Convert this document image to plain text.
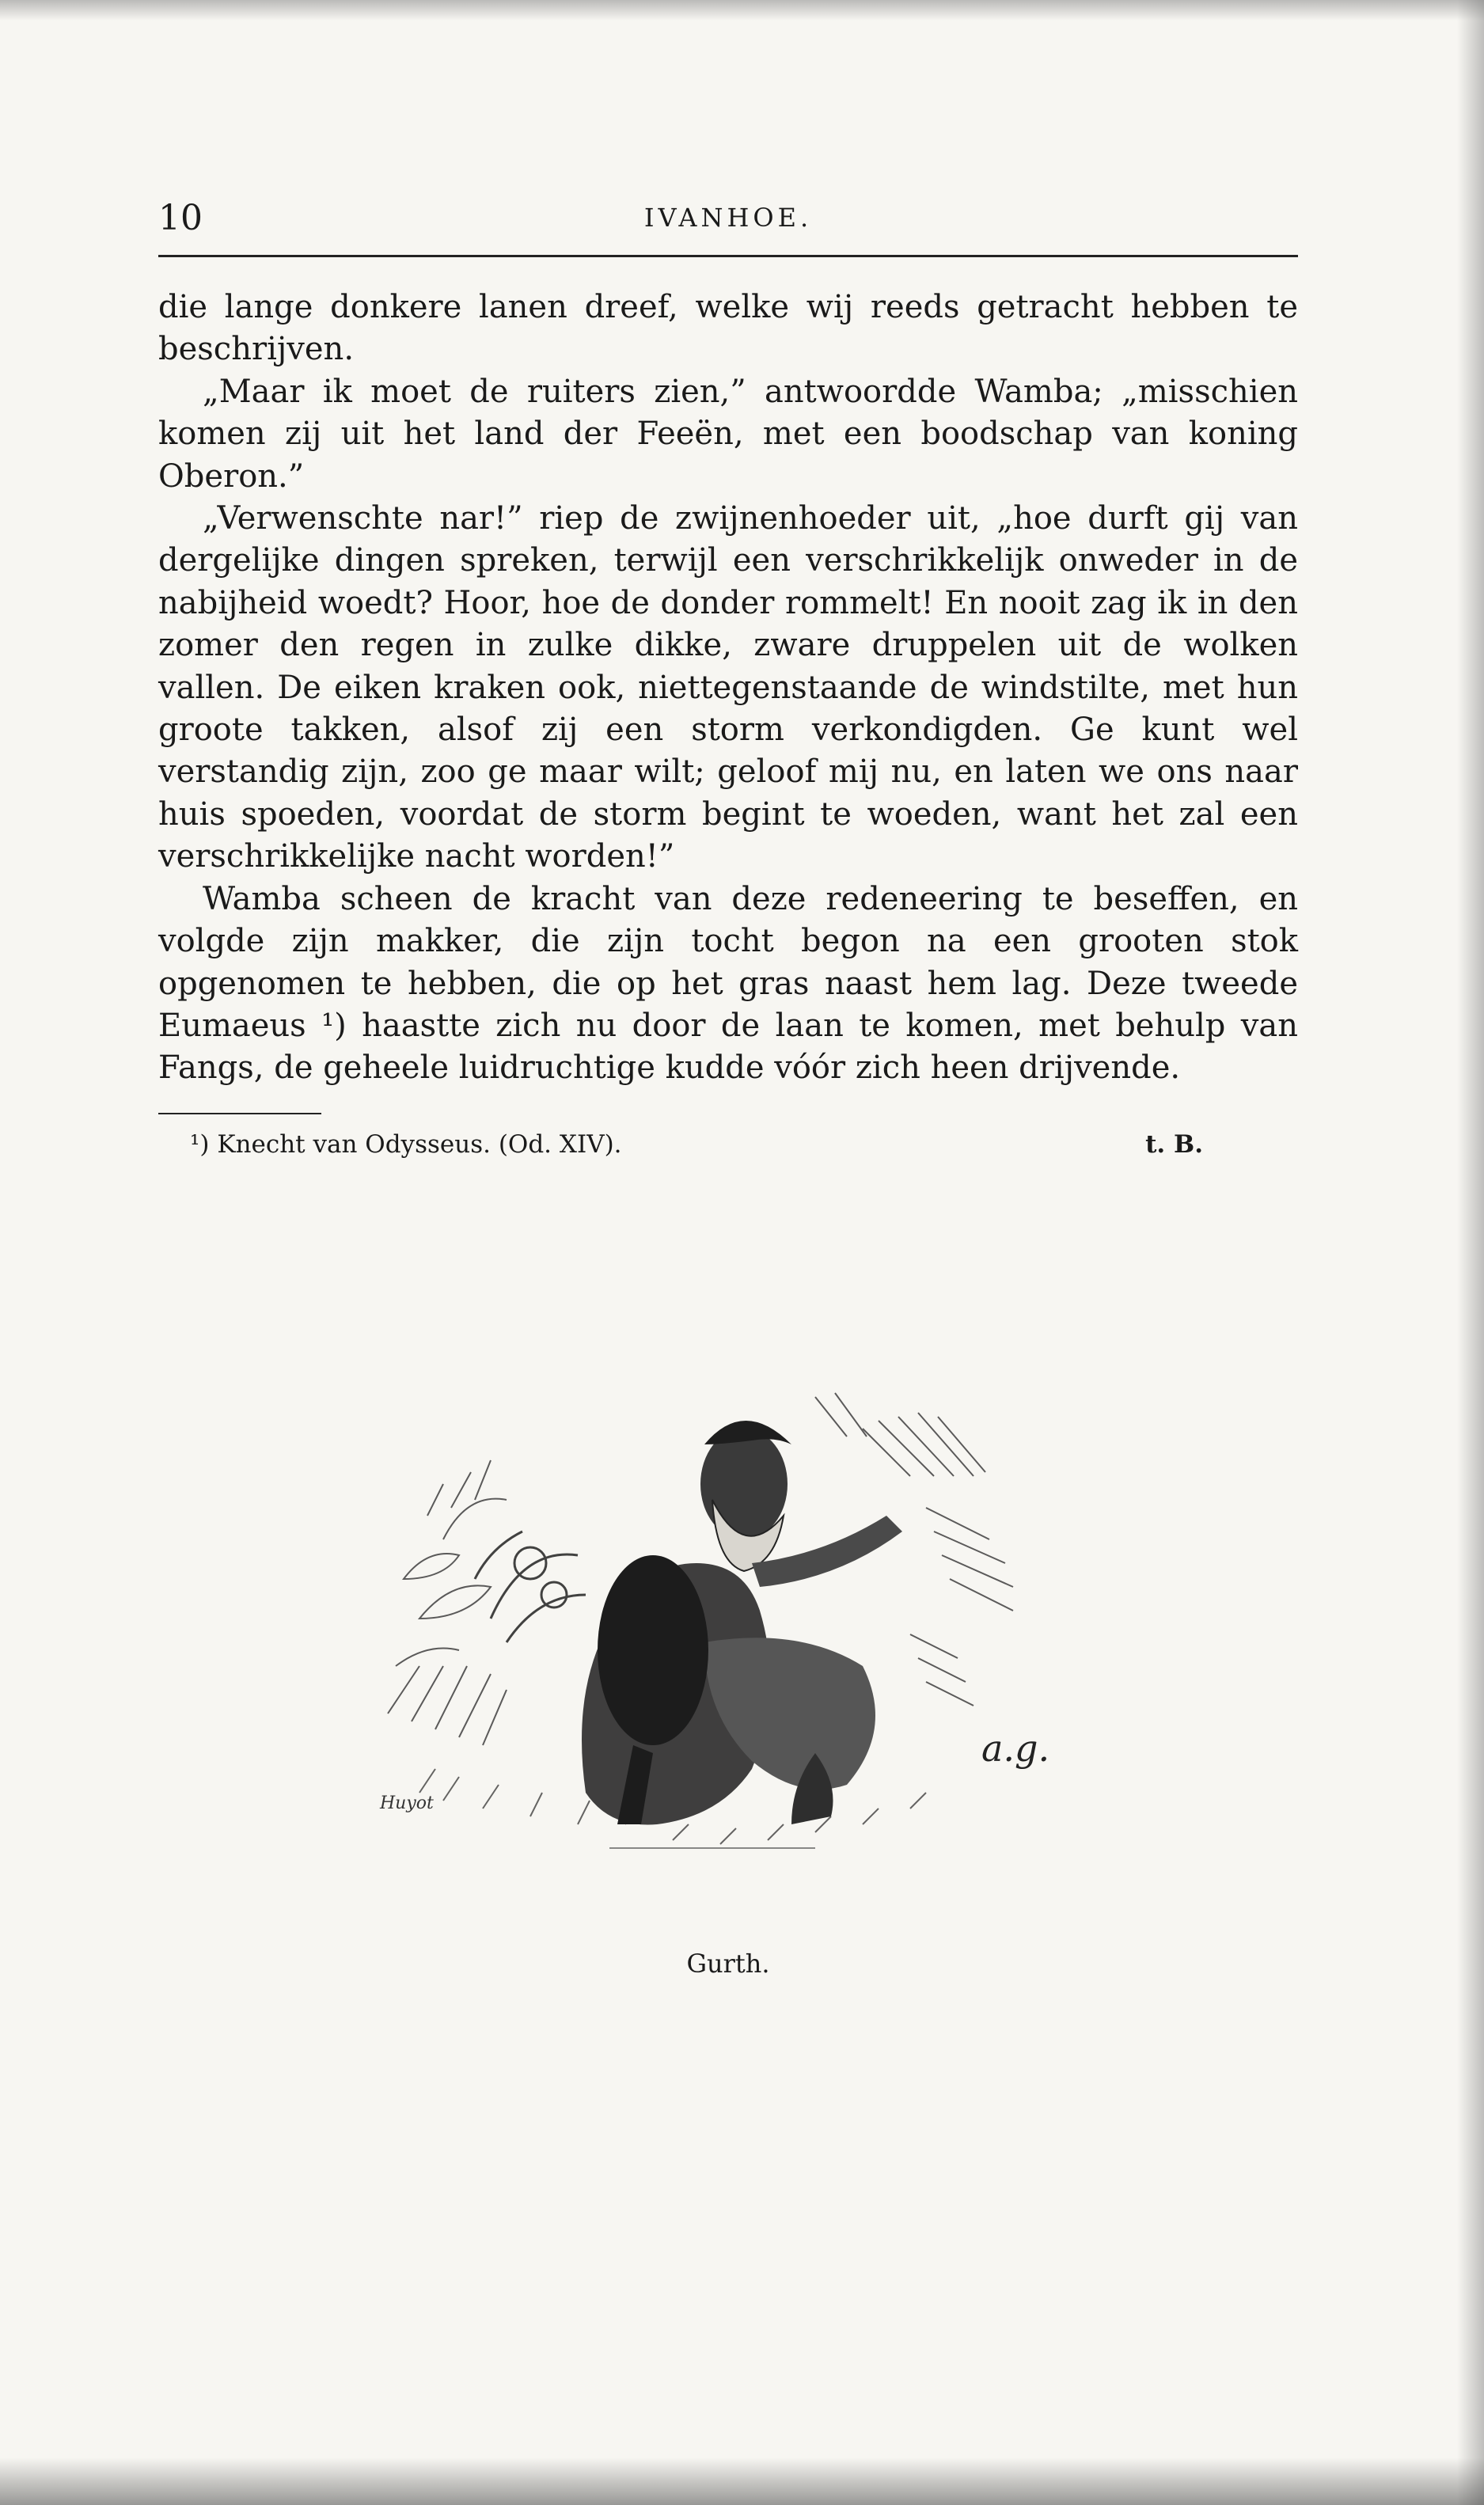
10	IVANHOE.

die lange donkere lanen dreef, welke wij reeds getracht hebben te beschrijven.

„Maar ik moet de ruiters zien,” antwoordde Wamba; „misschien komen zij uit het land der Feeën, met een boodschap van koning Oberon.”

„Verwenschte nar!” riep de zwijnenhoeder uit, „hoe durft gij van dergelijke dingen spreken, terwijl een verschrikkelijk onweder in de nabijheid woedt? Hoor, hoe de donder rommelt! En nooit zag ik in den zomer den regen in zulke dikke, zware druppelen uit de wolken vallen. De eiken kraken ook, niettegenstaande de windstilte, met hun groote takken, alsof zij een storm verkondigden. Ge kunt wel verstandig zijn, zoo ge maar wilt; geloof mij nu, en laten we ons naar huis spoeden, voordat de storm begint te woeden, want het zal een verschrikkelijke nacht worden!”

Wamba scheen de kracht van deze redeneering te beseffen, en volgde zijn makker, die zijn tocht begon na een grooten stok opgenomen te hebben, die op het gras naast hem lag. Deze tweede Eumaeus ¹) haastte zich nu door de laan te komen, met behulp van Fangs, de geheele luidruchtige kudde vóór zich heen drijvende.

¹) Knecht van Odysseus. (Od. XIV).	t. B.
a.g.
Huyot
Gurth.
